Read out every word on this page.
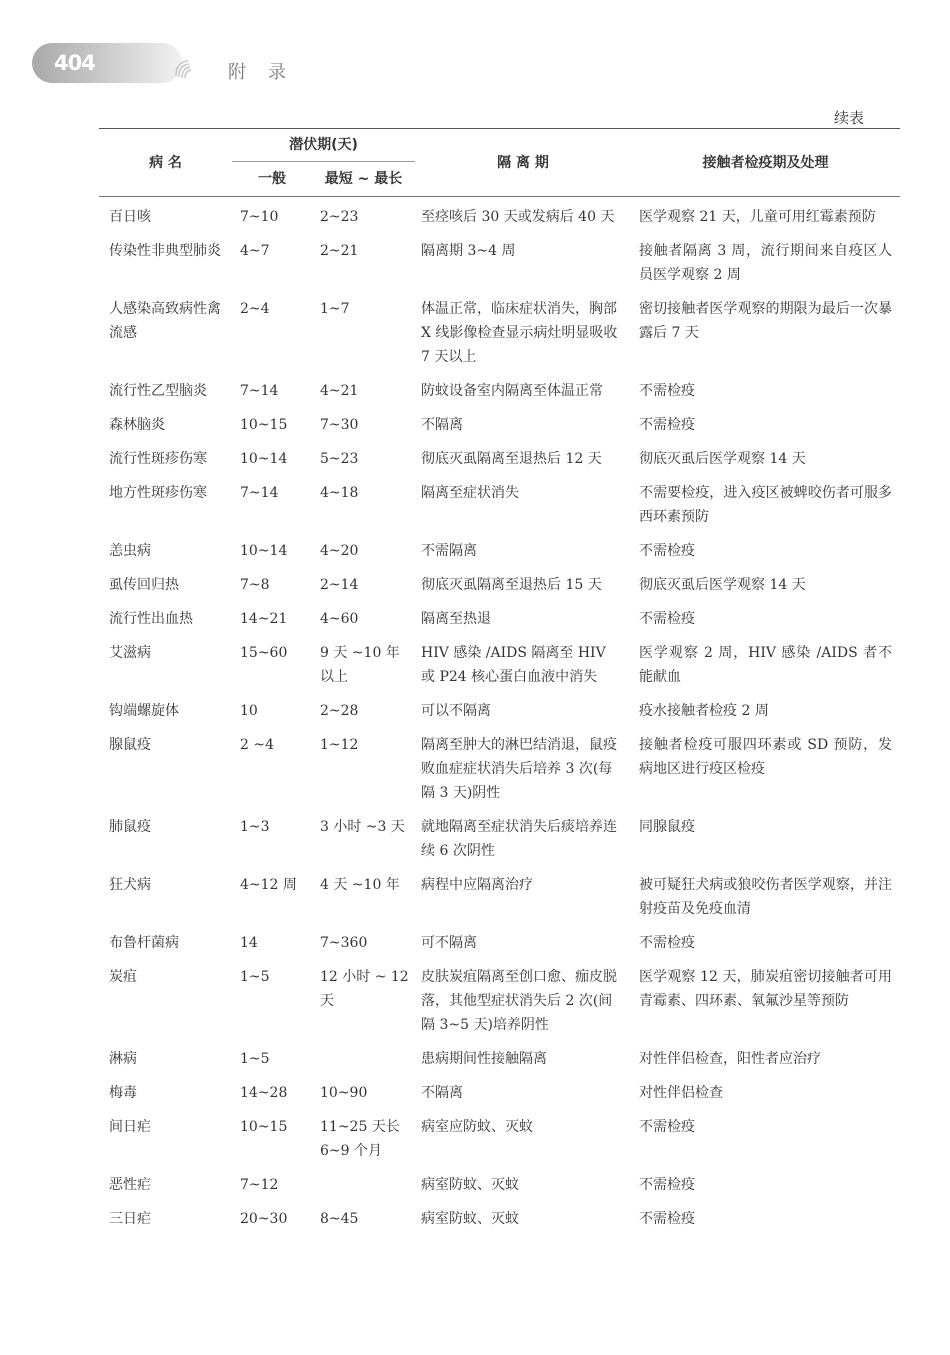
404	附录
续表
病 名	潜伏期(天)		隔 离 期	接触者检疫期及处理
	一般	最短 ~ 最长		
百日咳	7~10	2~23	至痉咳后 30 天或发病后 40 天	医学观察 21 天，儿童可用红霉素预防
传染性非典型肺炎	4~7	2~21	隔离期 3~4 周	接触者隔离 3 周，流行期间来自疫区人员医学观察 2 周
人感染高致病性禽流感	2~4	1~7	体温正常，临床症状消失，胸部 X 线影像检查显示病灶明显吸收 7 天以上	密切接触者医学观察的期限为最后一次暴露后 7 天
流行性乙型脑炎	7~14	4~21	防蚊设备室内隔离至体温正常	不需检疫
森林脑炎	10~15	7~30	不隔离	不需检疫
流行性斑疹伤寒	10~14	5~23	彻底灭虱隔离至退热后 12 天	彻底灭虱后医学观察 14 天
地方性斑疹伤寒	7~14	4~18	隔离至症状消失	不需要检疫，进入疫区被蜱咬伤者可服多西环素预防
恙虫病	10~14	4~20	不需隔离	不需检疫
虱传回归热	7~8	2~14	彻底灭虱隔离至退热后 15 天	彻底灭虱后医学观察 14 天
流行性出血热	14~21	4~60	隔离至热退	不需检疫
艾滋病	15~60	9 天 ~10 年以上	HIV 感染 /AIDS 隔离至 HIV 或 P24 核心蛋白血液中消失	医学观察 2 周，HIV 感染 /AIDS 者不能献血
钩端螺旋体	10	2~28	可以不隔离	疫水接触者检疫 2 周
腺鼠疫	2 ~4	1~12	隔离至肿大的淋巴结消退，鼠疫败血症症状消失后培养 3 次(每隔 3 天)阴性	接触者检疫可服四环素或 SD 预防，发病地区进行疫区检疫
肺鼠疫	1~3	3 小时 ~3 天	就地隔离至症状消失后痰培养连续 6 次阴性	同腺鼠疫
狂犬病	4~12 周	4 天 ~10 年	病程中应隔离治疗	被可疑狂犬病或狼咬伤者医学观察，并注射疫苗及免疫血清
布鲁杆菌病	14	7~360	可不隔离	不需检疫
炭疽	1~5	12 小时 ~ 12 天	皮肤炭疽隔离至创口愈、痂皮脱落，其他型症状消失后 2 次(间隔 3~5 天)培养阴性	医学观察 12 天，肺炭疽密切接触者可用青霉素、四环素、氧氟沙星等预防
淋病	1~5		患病期间性接触隔离	对性伴侣检查，阳性者应治疗
梅毒	14~28	10~90	不隔离	对性伴侣检查
间日疟	10~15	11~25 天长 6~9 个月	病室应防蚊、灭蚊	不需检疫
恶性疟	7~12		病室防蚊、灭蚊	不需检疫
三日疟	20~30	8~45	病室防蚊、灭蚊	不需检疫
